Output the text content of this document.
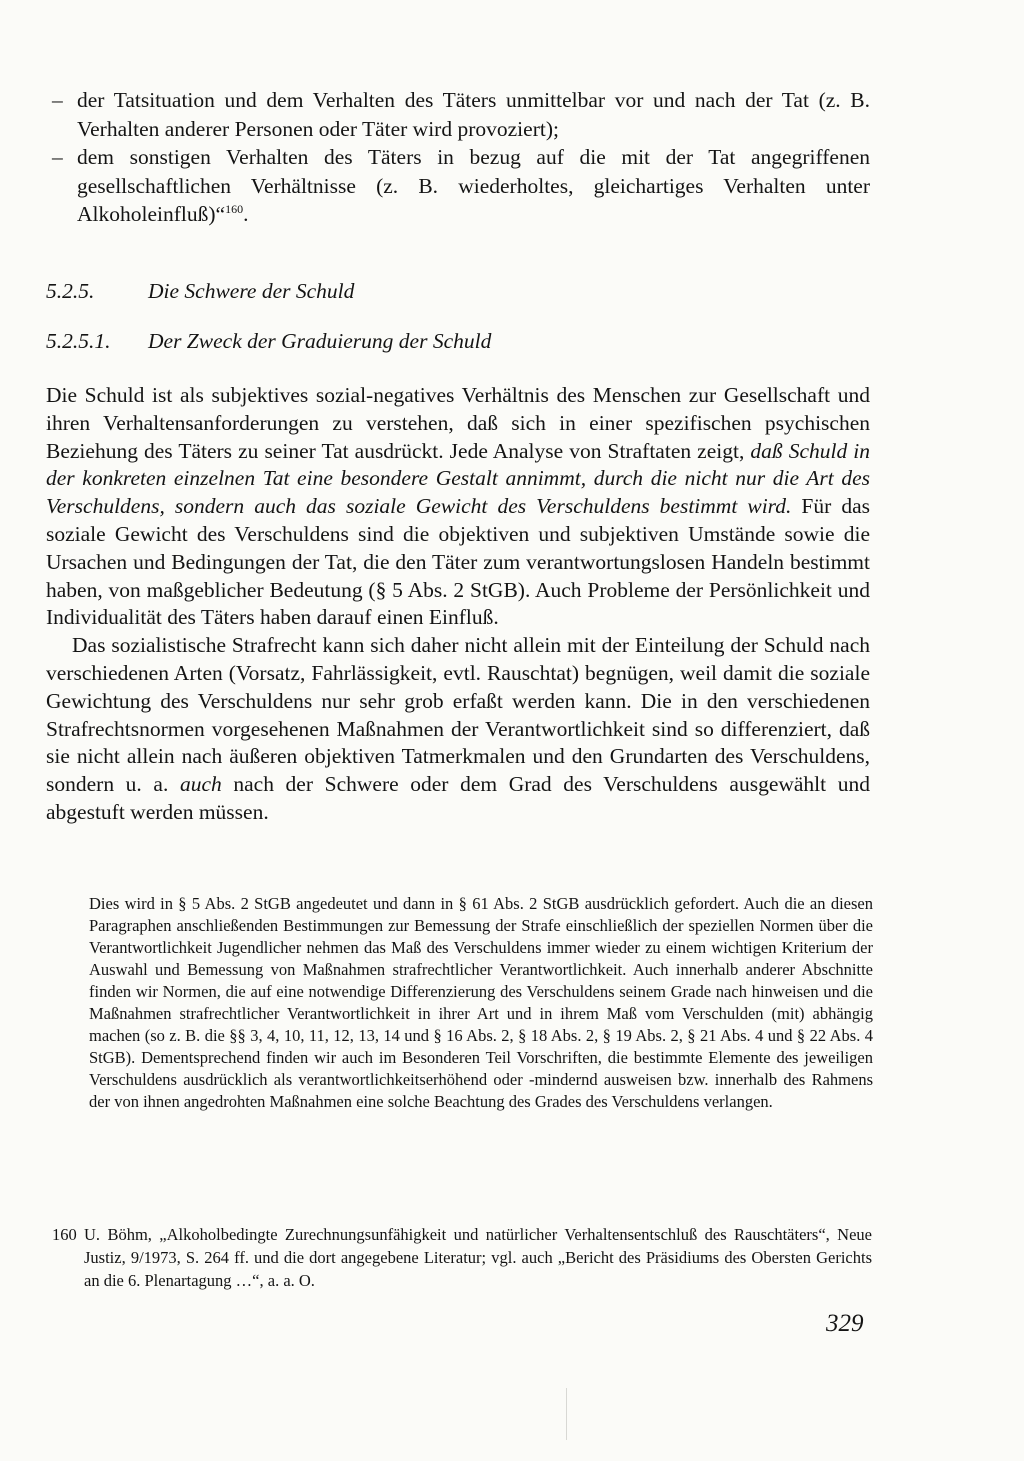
– der Tatsituation und dem Verhalten des Täters unmittelbar vor und nach der Tat (z. B. Verhalten anderer Personen oder Täter wird provoziert);
– dem sonstigen Verhalten des Täters in bezug auf die mit der Tat angegriffenen gesellschaftlichen Verhältnisse (z. B. wiederholtes, gleichartiges Verhalten unter Alkoholeinfluß)“$^{160}$.
5.2.5. Die Schwere der Schuld
5.2.5.1. Der Zweck der Graduierung der Schuld

Die Schuld ist als subjektives sozial-negatives Verhältnis des Menschen zur Gesellschaft und ihren Verhaltensanforderungen zu verstehen, daß sich in einer spezifischen psychischen Beziehung des Täters zu seiner Tat ausdrückt. Jede Analyse von Straftaten zeigt, daß Schuld in der konkreten einzelnen Tat eine besondere Gestalt annimmt, durch die nicht nur die Art des Verschuldens, sondern auch das soziale Gewicht des Verschuldens bestimmt wird. Für das soziale Gewicht des Verschuldens sind die objektiven und subjektiven Umstände sowie die Ursachen und Bedingungen der Tat, die den Täter zum verantwortungslosen Handeln bestimmt haben, von maßgeblicher Bedeutung (§ 5 Abs. 2 StGB). Auch Probleme der Persönlichkeit und Individualität des Täters haben darauf einen Einfluß.

Das sozialistische Strafrecht kann sich daher nicht allein mit der Einteilung der Schuld nach verschiedenen Arten (Vorsatz, Fahrlässigkeit, evtl. Rauschtat) begnügen, weil damit die soziale Gewichtung des Verschuldens nur sehr grob erfaßt werden kann. Die in den verschiedenen Strafrechtsnormen vorgesehenen Maßnahmen der Verantwortlichkeit sind so differenziert, daß sie nicht allein nach äußeren objektiven Tatmerkmalen und den Grundarten des Verschuldens, sondern u. a. auch nach der Schwere oder dem Grad des Verschuldens ausgewählt und abgestuft werden müssen.

Dies wird in § 5 Abs. 2 StGB angedeutet und dann in § 61 Abs. 2 StGB ausdrücklich gefordert. Auch die an diesen Paragraphen anschließenden Bestimmungen zur Bemessung der Strafe einschließlich der speziellen Normen über die Verantwortlichkeit Jugendlicher nehmen das Maß des Verschuldens immer wieder zu einem wichtigen Kriterium der Auswahl und Bemessung von Maßnahmen strafrechtlicher Verantwortlichkeit. Auch innerhalb anderer Abschnitte finden wir Normen, die auf eine notwendige Differenzierung des Verschuldens seinem Grade nach hinweisen und die Maßnahmen strafrechtlicher Verantwortlichkeit in ihrer Art und in ihrem Maß vom Verschulden (mit) abhängig machen (so z. B. die §§ 3, 4, 10, 11, 12, 13, 14 und § 16 Abs. 2, § 18 Abs. 2, § 19 Abs. 2, § 21 Abs. 4 und § 22 Abs. 4 StGB). Dementsprechend finden wir auch im Besonderen Teil Vorschriften, die bestimmte Elemente des jeweiligen Verschuldens ausdrücklich als verantwortlichkeitserhöhend oder -mindernd ausweisen bzw. innerhalb des Rahmens der von ihnen angedrohten Maßnahmen eine solche Beachtung des Grades des Verschuldens verlangen.

160 U. Böhm, „Alkoholbedingte Zurechnungsunfähigkeit und natürlicher Verhaltensentschluß des Rauschtäters“, Neue Justiz, 9/1973, S. 264 ff. und die dort angegebene Literatur; vgl. auch „Bericht des Präsidiums des Obersten Gerichts an die 6. Plenartagung …“, a. a. O.
329
